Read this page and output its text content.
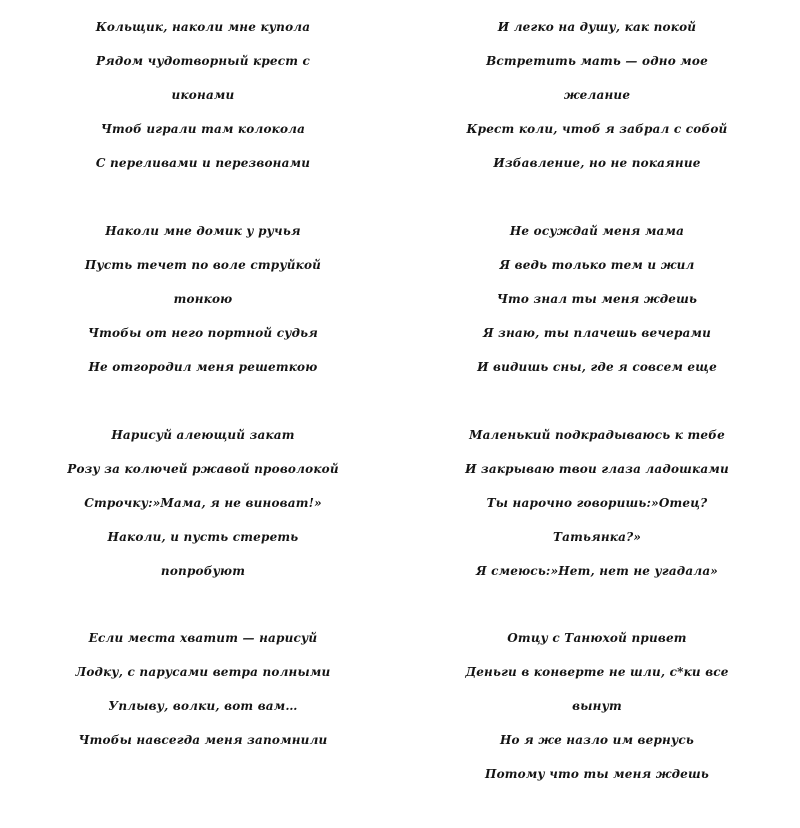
Кольщик, наколи мне купола
Рядом чудотворный крест с
иконами
Чтоб играли там колокола
С переливами и перезвонами
Наколи мне домик у ручья
Пусть течет по воле струйкой
тонкою
Чтобы от него портной судья
Не отгородил меня решеткою
Нарисуй алеющий закат
Розу за колючей ржавой проволокой
Строчку:»Мама, я не виноват!»
Наколи, и пусть стереть
попробуют
Если места хватит — нарисуй
Лодку, с парусами ветра полными
Уплыву, волки, вот вам…
Чтобы навсегда меня запомнили
И легко на душу, как покой
Встретить мать — одно мое
желание
Крест коли, чтоб я забрал с собой
Избавление, но не покаяние
Не осуждай меня мама
Я ведь только тем и жил
Что знал ты меня ждешь
Я знаю, ты плачешь вечерами
И видишь сны, где я совсем еще
Маленький подкрадываюсь к тебе
И закрываю твои глаза ладошками
Ты нарочно говоришь:»Отец?
Татьянка?»
Я смеюсь:»Нет, нет не угадала»
Отцу с Танюхой привет
Деньги в конверте не шли, с*ки все
вынут
Но я же назло им вернусь
Потому что ты меня ждешь
